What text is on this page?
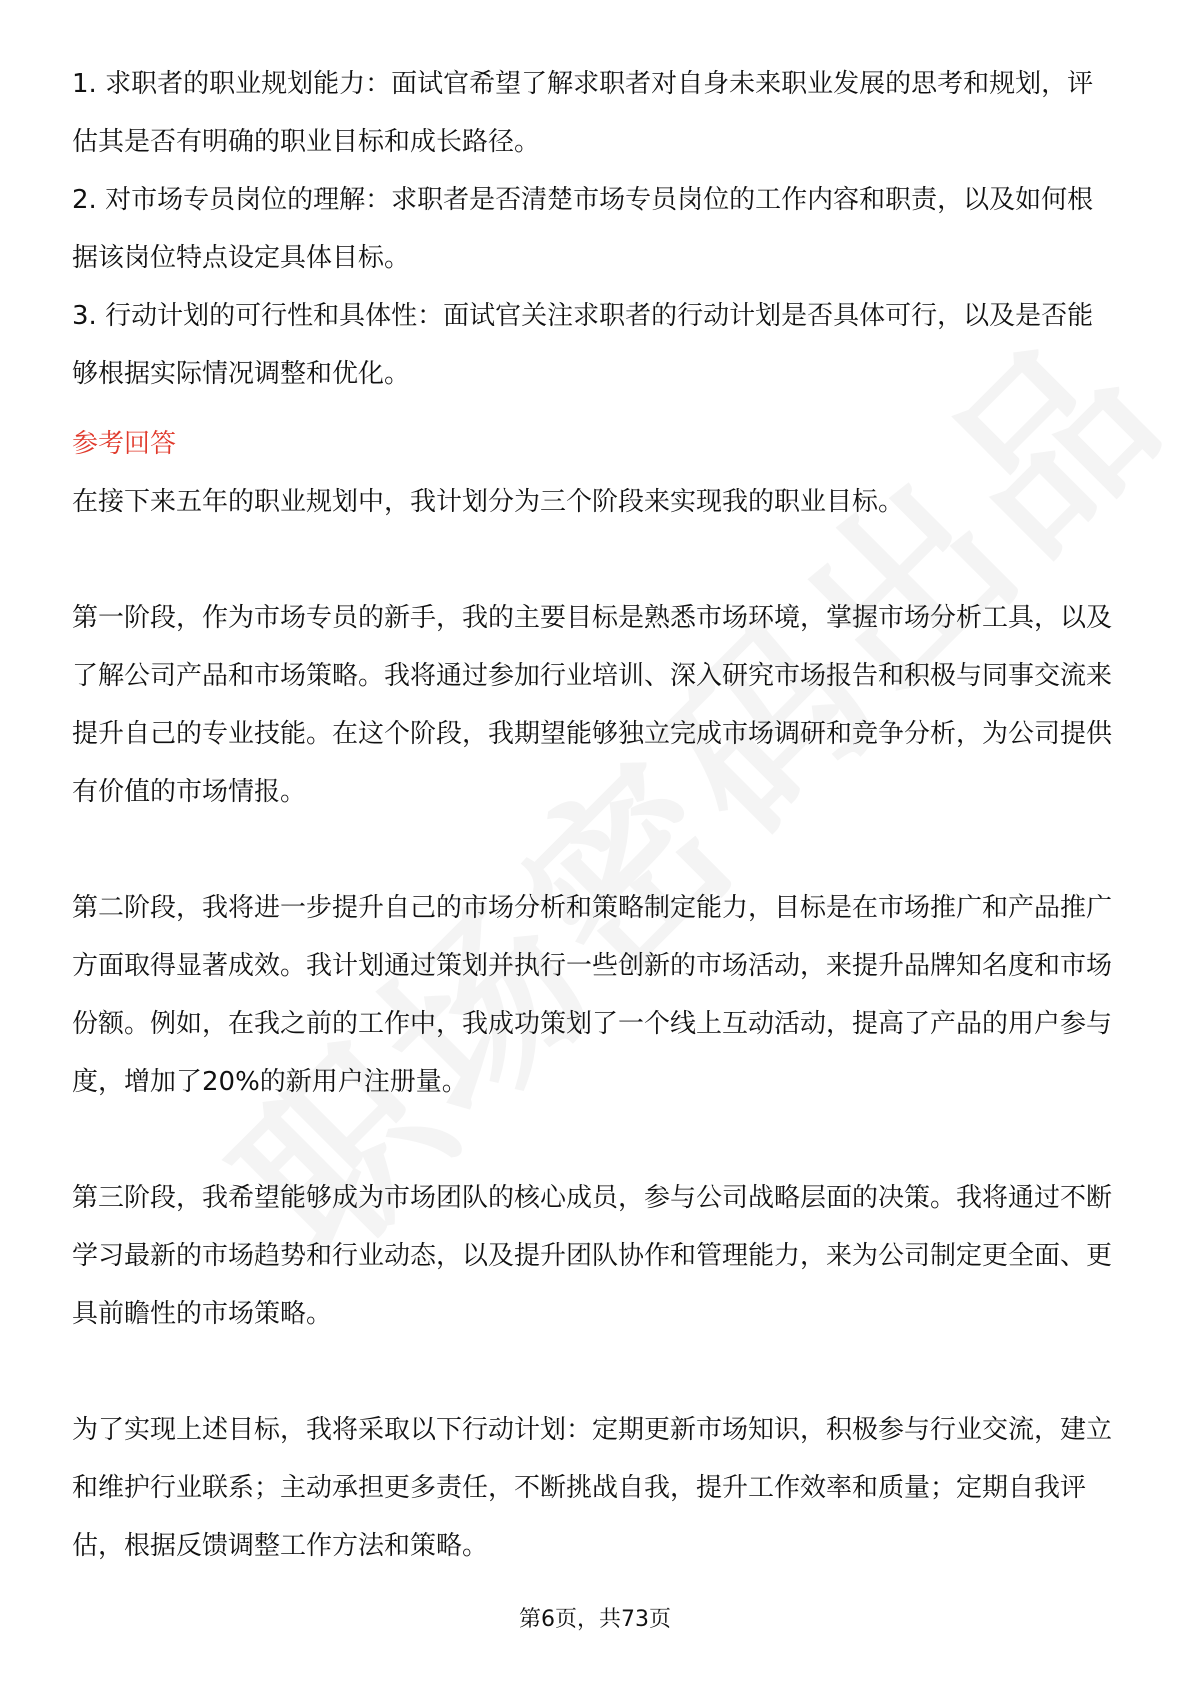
1. 求职者的职业规划能力：面试官希望了解求职者对自身未来职业发展的思考和规划，评估其是否有明确的职业目标和成长路径。

2. 对市场专员岗位的理解：求职者是否清楚市场专员岗位的工作内容和职责，以及如何根据该岗位特点设定具体目标。

3. 行动计划的可行性和具体性：面试官关注求职者的行动计划是否具体可行，以及是否能够根据实际情况调整和优化。

参考回答

在接下来五年的职业规划中，我计划分为三个阶段来实现我的职业目标。

第一阶段，作为市场专员的新手，我的主要目标是熟悉市场环境，掌握市场分析工具，以及了解公司产品和市场策略。我将通过参加行业培训、深入研究市场报告和积极与同事交流来提升自己的专业技能。在这个阶段，我期望能够独立完成市场调研和竞争分析，为公司提供有价值的市场情报。

第二阶段，我将进一步提升自己的市场分析和策略制定能力，目标是在市场推广和产品推广方面取得显著成效。我计划通过策划并执行一些创新的市场活动，来提升品牌知名度和市场份额。例如，在我之前的工作中，我成功策划了一个线上互动活动，提高了产品的用户参与度，增加了20%的新用户注册量。

第三阶段，我希望能够成为市场团队的核心成员，参与公司战略层面的决策。我将通过不断学习最新的市场趋势和行业动态，以及提升团队协作和管理能力，来为公司制定更全面、更具前瞻性的市场策略。

为了实现上述目标，我将采取以下行动计划：定期更新市场知识，积极参与行业交流，建立和维护行业联系；主动承担更多责任，不断挑战自我，提升工作效率和质量；定期自我评估，根据反馈调整工作方法和策略。

第6页，共73页
